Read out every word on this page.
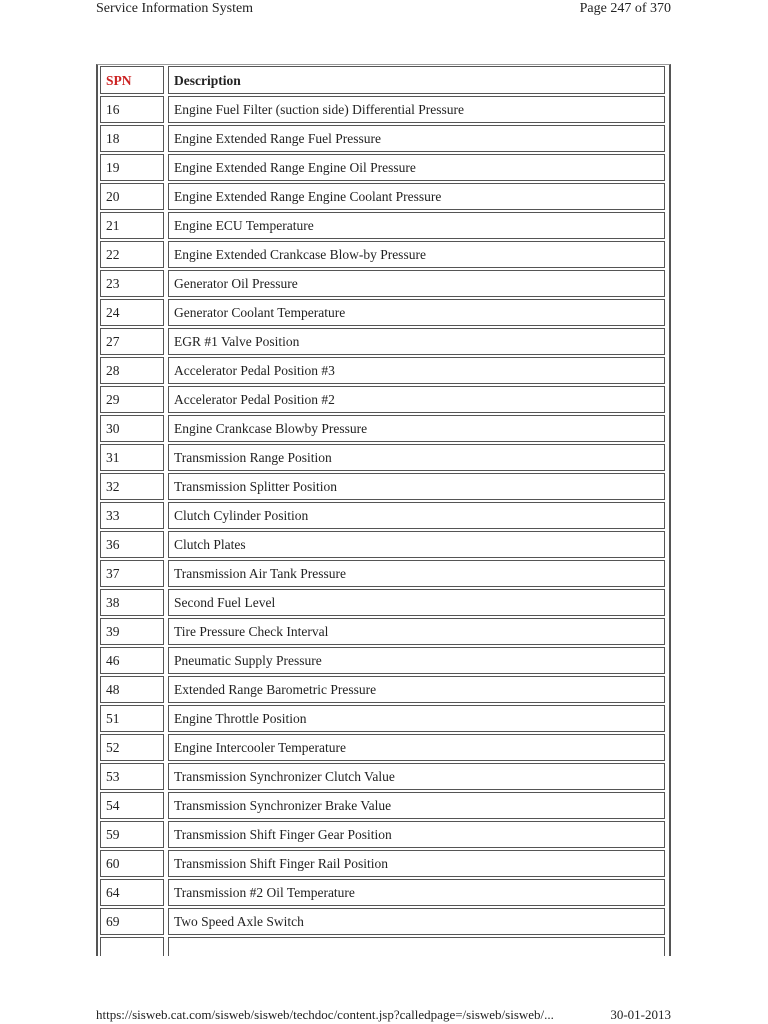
Service Information System	Page 247 of 370
SPN	Description
16	Engine Fuel Filter (suction side) Differential Pressure
18	Engine Extended Range Fuel Pressure
19	Engine Extended Range Engine Oil Pressure
20	Engine Extended Range Engine Coolant Pressure
21	Engine ECU Temperature
22	Engine Extended Crankcase Blow-by Pressure
23	Generator Oil Pressure
24	Generator Coolant Temperature
27	EGR #1 Valve Position
28	Accelerator Pedal Position #3
29	Accelerator Pedal Position #2
30	Engine Crankcase Blowby Pressure
31	Transmission Range Position
32	Transmission Splitter Position
33	Clutch Cylinder Position
36	Clutch Plates
37	Transmission Air Tank Pressure
38	Second Fuel Level
39	Tire Pressure Check Interval
46	Pneumatic Supply Pressure
48	Extended Range Barometric Pressure
51	Engine Throttle Position
52	Engine Intercooler Temperature
53	Transmission Synchronizer Clutch Value
54	Transmission Synchronizer Brake Value
59	Transmission Shift Finger Gear Position
60	Transmission Shift Finger Rail Position
64	Transmission #2 Oil Temperature
69	Two Speed Axle Switch
https://sisweb.cat.com/sisweb/sisweb/techdoc/content.jsp?calledpage=/sisweb/sisweb/...	30-01-2013
